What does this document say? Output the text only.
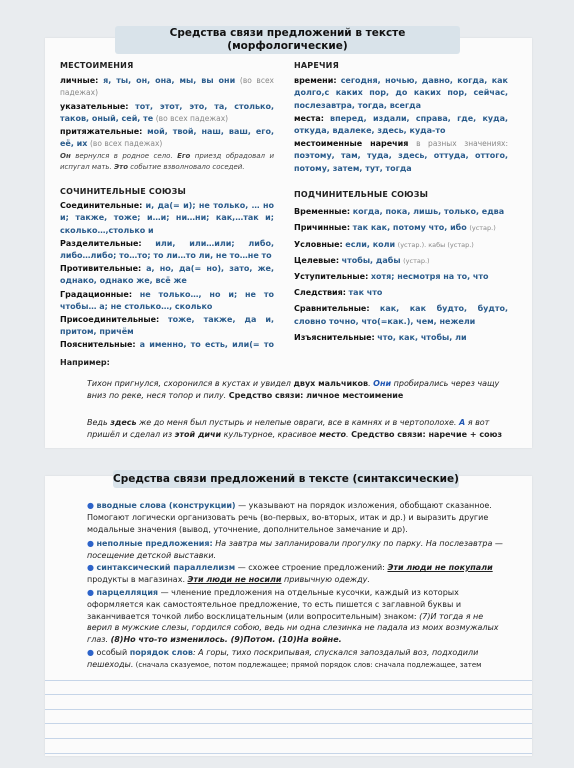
Средства связи предложений в тексте
(морфологические)
МЕСТОИМЕНИЯ
личные: я, ты, он, она, мы, вы они (во всех падежах)
указательные: тот, этот, это, та, столько, таков, оный, сей, те (во всех падежах)
притяжательные: мой, твой, наш, ваш, его, её, их (во всех падежах)
Он вернулся в родное село. Его приезд обрадовал и испугал мать. Это событие взволновало соседей.
НАРЕЧИЯ
времени: сегодня, ночью, давно, когда, как долго,с каких пор, до каких пор, сейчас, послезавтра, тогда, всегда
места: вперед, издали, справа, где, куда, откуда, вдалеке, здесь, куда-то
местоименные наречия в разных значениях: поэтому, там, туда, здесь, оттуда, оттого, потому, затем, тут, тогда
СОЧИНИТЕЛЬНЫЕ СОЮЗЫ
Соединительные: и, да(= и); не только, … но и; также, тоже; и…и; ни…ни; как,…так и; сколько…,столько и
Разделительные: или, или…или; либо, либо…либо; то…то; то ли…то ли, не то…не то
Противительные: а, но, да(= но), зато, же, однако, однако же, всё же
Градационные: не только…, но и; не то чтобы… а; не столько…, сколько
Присоединительные: тоже, также, да и, притом, причём
Пояснительные: а именно, то есть, или(= то
ПОДЧИНИТЕЛЬНЫЕ СОЮЗЫ
Временные: когда, пока, лишь, только, едва
Причинные: так как, потому что, ибо (устар.)
Условные: если, коли (устар.). кабы (устар.)
Целевые: чтобы, дабы (устар.)
Уступительные: хотя; несмотря на то, что
Следствия: так что
Сравнительные: как, как будто, будто, словно точно, что(=как.), чем, нежели
Изъяснительные: что, как, чтобы, ли
Например:
Тихон пригнулся, схоронился в кустах и увидел двух мальчиков. Они пробирались через чащу вниз по реке, неся топор и пилу. Средство связи: личное местоимение
Ведь здесь же до меня был пустырь и нелепые овраги, все в камнях и в чертополохе. А я вот пришёл и сделал из этой дичи культурное, красивое место. Средство связи: наречие + союз
Средства связи предложений в тексте (синтаксические)
● вводные слова (конструкции) — указывают на порядок изложения, обобщают сказанное. Помогают логически организовать речь (во-первых, во-вторых, итак и др.) и выразить другие модальные значения (вывод, уточнение, дополнительное замечание и др).
● неполные предложения: На завтра мы запланировали прогулку по парку. На послезавтра — посещение детской выставки.
● синтаксический параллелизм — схожее строение предложений: Эти люди не покупали продукты в магазинах. Эти люди не носили привычную одежду.
● парцелляция — членение предложения на отдельные кусочки, каждый из которых оформляется как самостоятельное предложение, то есть пишется с заглавной буквы и заканчивается точкой либо восклицательным (или вопросительным) знаком: (7)И тогда я не верил в мужские слезы, гордился собою, ведь ни одна слезинка не падала из моих возмужалых глаз. (8)Но что-то изменилось. (9)Потом. (10)На войне.
● особый порядок слов: А горы, тихо поскрипывая, спускался запоздалый воз, подходили пешеходы. (сначала сказуемое, потом подлежащее; прямой порядок слов: сначала подлежащее, затем
